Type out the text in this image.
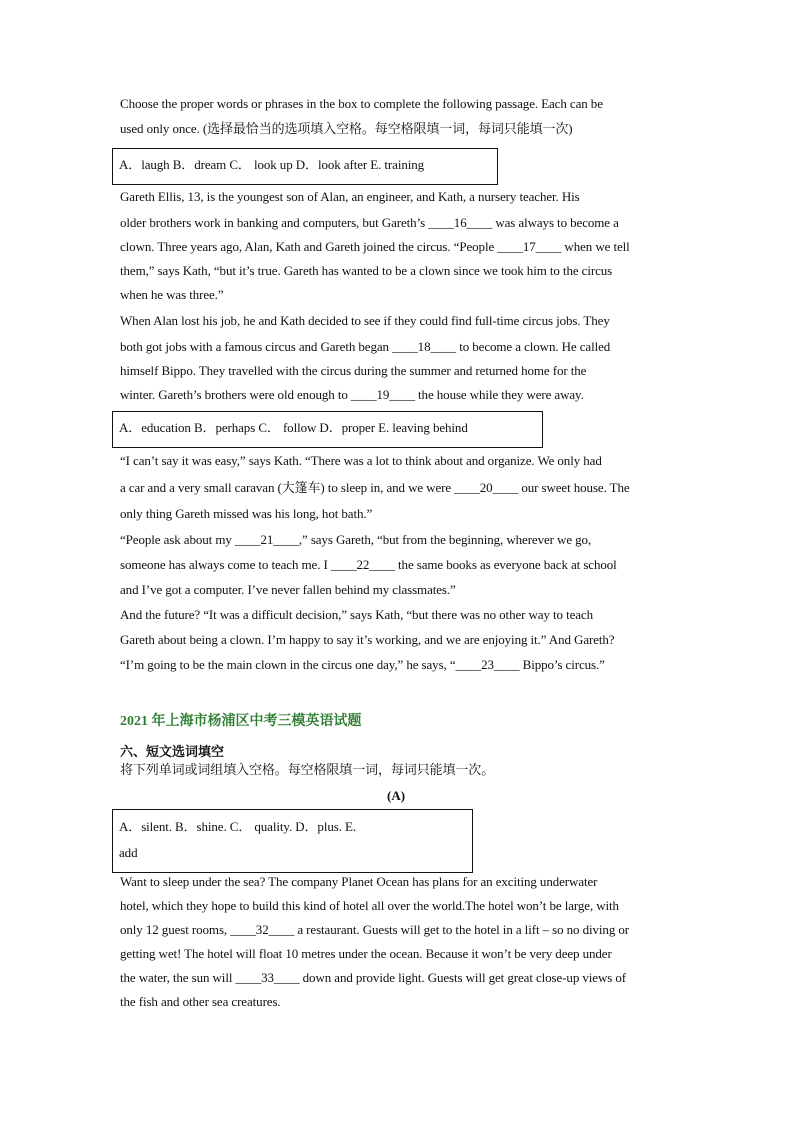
Choose the proper words or phrases in the box to complete the following passage. Each can be
used only once. (选择最恰当的选项填入空格。每空格限填一词，每词只能填一次)
A．laugh B．dream C． look up D．look after E. training
Gareth Ellis, 13, is the youngest son of Alan, an engineer, and Kath, a nursery teacher. His
older brothers work in banking and computers, but Gareth’s ____16____ was always to become a
clown. Three years ago, Alan, Kath and Gareth joined the circus. “People ____17____ when we tell
them,” says Kath, “but it’s true. Gareth has wanted to be a clown since we took him to the circus
when he was three.”
When Alan lost his job, he and Kath decided to see if they could find full-time circus jobs. They
both got jobs with a famous circus and Gareth began ____18____ to become a clown. He called
himself Bippo. They travelled with the circus during the summer and returned home for the
winter. Gareth’s brothers were old enough to ____19____ the house while they were away.
A．education B．perhaps C． follow D．proper E. leaving behind
“I can’t say it was easy,” says Kath. “There was a lot to think about and organize. We only had
a car and a very small caravan (大篷车) to sleep in, and we were ____20____ our sweet house. The
only thing Gareth missed was his long, hot bath.”
“People ask about my ____21____,” says Gareth, “but from the beginning, wherever we go,
someone has always come to teach me. I ____22____ the same books as everyone back at school
and I’ve got a computer. I’ve never fallen behind my classmates.”
And the future? “It was a difficult decision,” says Kath, “but there was no other way to teach
Gareth about being a clown. I’m happy to say it’s working, and we are enjoying it.” And Gareth?
“I’m going to be the main clown in the circus one day,” he says, “____23____ Bippo’s circus.”
2021 年上海市杨浦区中考三模英语试题
六、短文选词填空
将下列单词或词组填入空格。每空格限填一词，每词只能填一次。
(A)
A．silent. B．shine. C． quality. D．plus. E.
add
Want to sleep under the sea? The company Planet Ocean has plans for an exciting underwater
hotel, which they hope to build this kind of hotel all over the world.The hotel won’t be large, with
only 12 guest rooms, ____32____ a restaurant. Guests will get to the hotel in a lift – so no diving or
getting wet! The hotel will float 10 metres under the ocean. Because it won’t be very deep under
the water, the sun will ____33____ down and provide light. Guests will get great close-up views of
the fish and other sea creatures.
